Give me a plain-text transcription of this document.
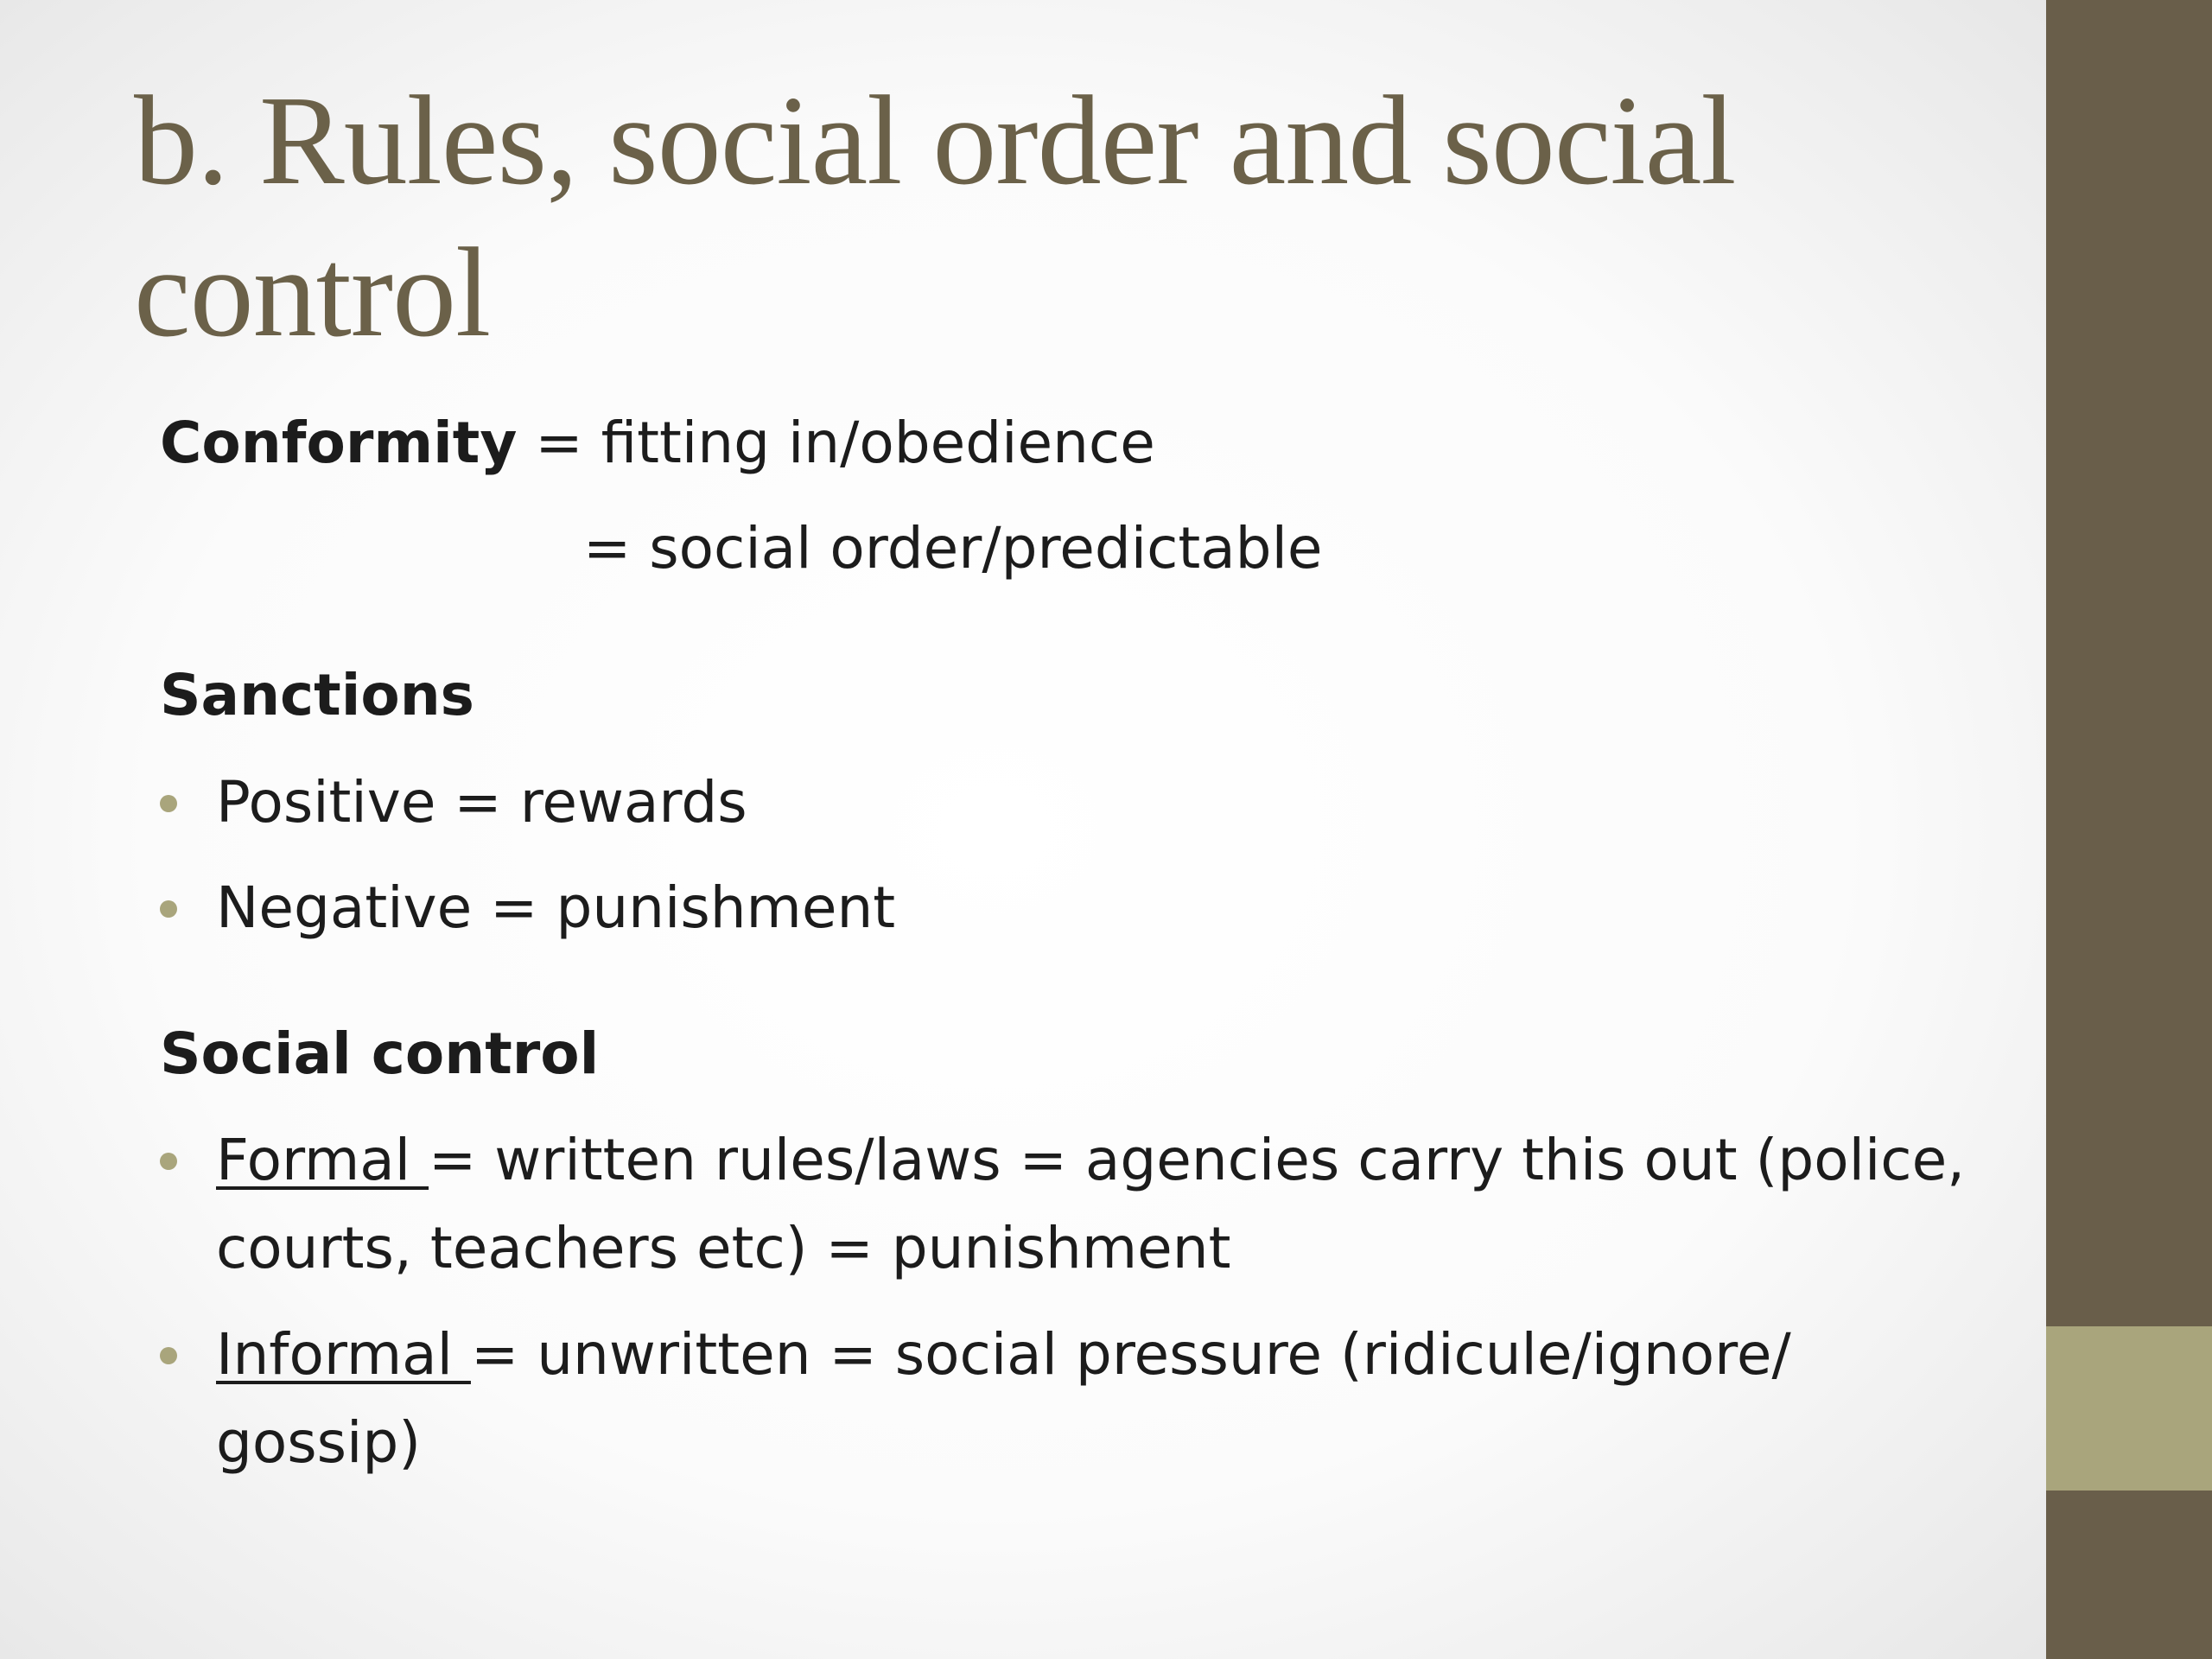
b. Rules, social order and social control
Conformity = fitting in/obedience
= social order/predictable
Sanctions
Positive = rewards
Negative = punishment
Social control
Formal = written rules/laws = agencies carry this out (police, courts, teachers etc) = punishment
Informal = unwritten = social pressure (ridicule/ignore/ gossip)
